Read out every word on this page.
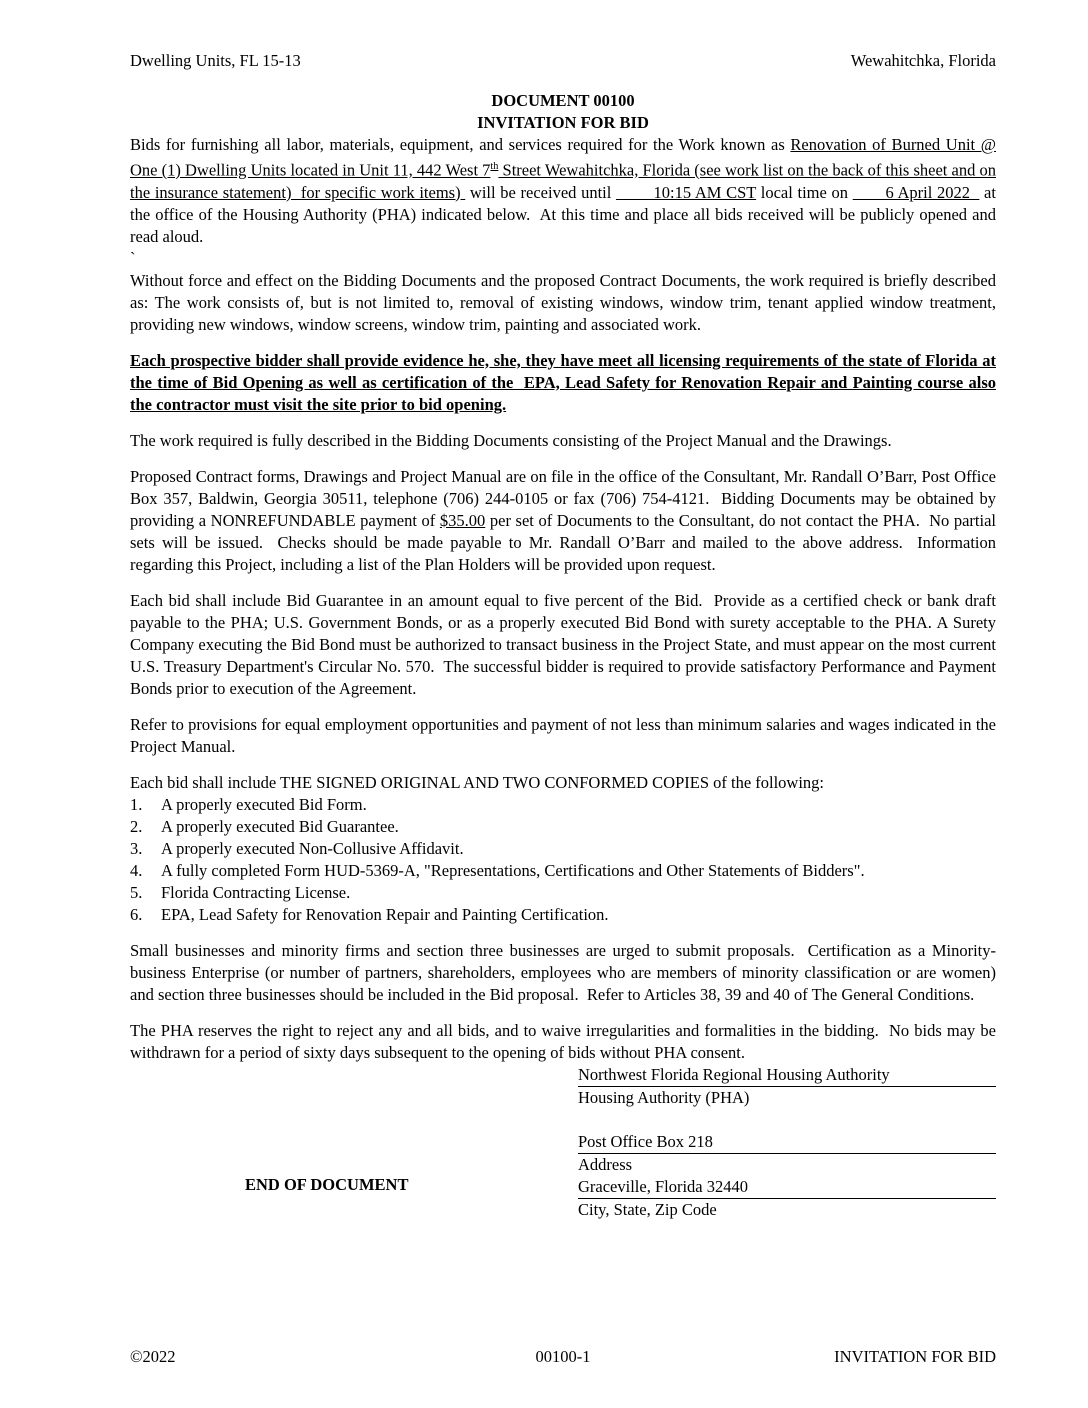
Dwelling Units, FL 15-13	Wewahitchka, Florida
DOCUMENT 00100
INVITATION FOR BID

Bids for furnishing all labor, materials, equipment, and services required for the Work known as Renovation of Burned Unit @ One (1) Dwelling Units located in Unit 11, 442 West 7th Street Wewahitchka, Florida (see work list on the back of this sheet and on the insurance statement)  for specific work items)  will be received until         10:15 AM CST local time on        6 April 2022   at the office of the Housing Authority (PHA) indicated below.  At this time and place all bids received will be publicly opened and read aloud.

`

Without force and effect on the Bidding Documents and the proposed Contract Documents, the work required is briefly described as: The work consists of, but is not limited to, removal of existing windows, window trim, tenant applied window treatment, providing new windows, window screens, window trim, painting and associated work.

Each prospective bidder shall provide evidence he, she, they have meet all licensing requirements of the state of Florida at the time of Bid Opening as well as certification of the  EPA, Lead Safety for Renovation Repair and Painting course also the contractor must visit the site prior to bid opening.

The work required is fully described in the Bidding Documents consisting of the Project Manual and the Drawings.

Proposed Contract forms, Drawings and Project Manual are on file in the office of the Consultant, Mr. Randall O’Barr, Post Office Box 357, Baldwin, Georgia 30511, telephone (706) 244-0105 or fax (706) 754-4121.  Bidding Documents may be obtained by providing a NONREFUNDABLE payment of $35.00 per set of Documents to the Consultant, do not contact the PHA.  No partial sets will be issued.  Checks should be made payable to Mr. Randall O’Barr and mailed to the above address.  Information regarding this Project, including a list of the Plan Holders will be provided upon request.

Each bid shall include Bid Guarantee in an amount equal to five percent of the Bid.  Provide as a certified check or bank draft payable to the PHA; U.S. Government Bonds, or as a properly executed Bid Bond with surety acceptable to the PHA. A Surety Company executing the Bid Bond must be authorized to transact business in the Project State, and must appear on the most current U.S. Treasury Department's Circular No. 570.  The successful bidder is required to provide satisfactory Performance and Payment Bonds prior to execution of the Agreement.

Refer to provisions for equal employment opportunities and payment of not less than minimum salaries and wages indicated in the Project Manual.

Each bid shall include THE SIGNED ORIGINAL AND TWO CONFORMED COPIES of the following:

1.	A properly executed Bid Form.
2.	A properly executed Bid Guarantee.
3.	A properly executed Non-Collusive Affidavit.
4.	A fully completed Form HUD-5369-A, "Representations, Certifications and Other Statements of Bidders".
5.	Florida Contracting License.
6.	EPA, Lead Safety for Renovation Repair and Painting Certification.

Small businesses and minority firms and section three businesses are urged to submit proposals.  Certification as a Minority-business Enterprise (or number of partners, shareholders, employees who are members of minority classification or are women) and section three businesses should be included in the Bid proposal.  Refer to Articles 38, 39 and 40 of The General Conditions.

The PHA reserves the right to reject any and all bids, and to waive irregularities and formalities in the bidding.  No bids may be withdrawn for a period of sixty days subsequent to the opening of bids without PHA consent.

END OF DOCUMENT
Northwest Florida Regional Housing Authority
Housing Authority (PHA)
Post Office Box 218
Address
Graceville, Florida 32440
City, State, Zip Code
©2022	00100-1	INVITATION FOR BID
